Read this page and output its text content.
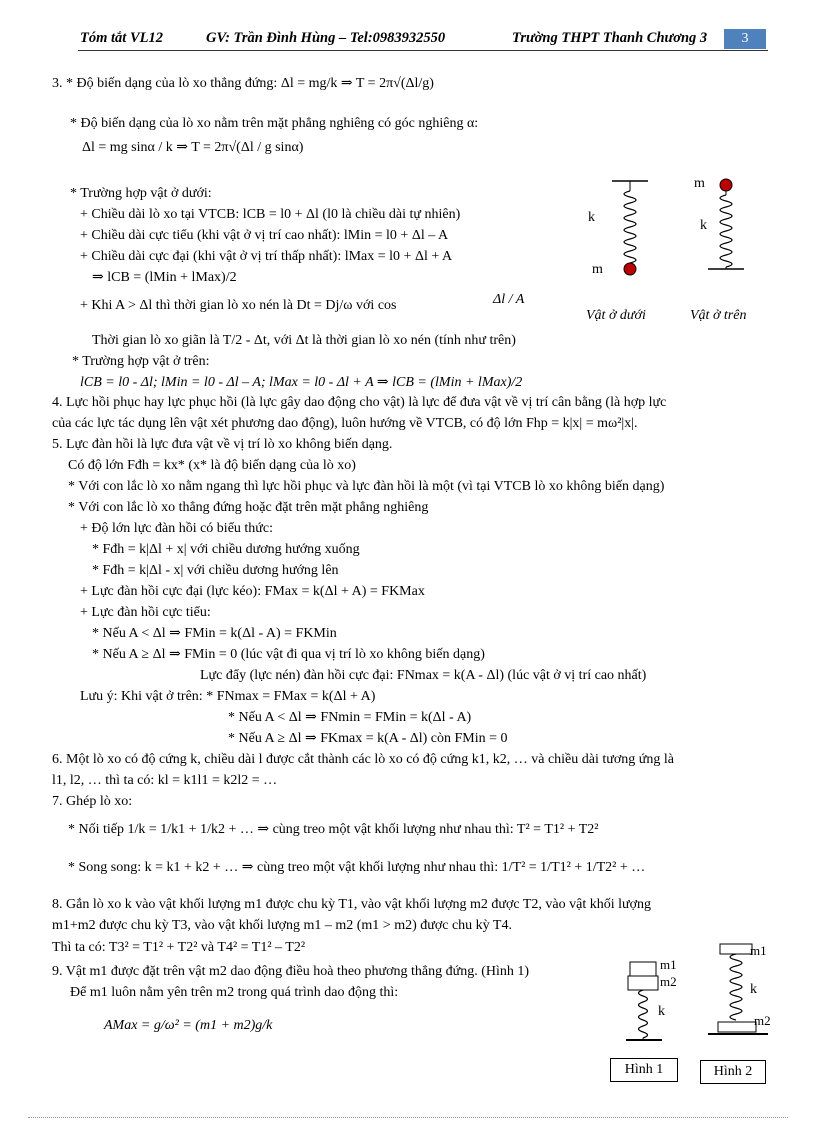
Tóm tắt VL12	GV: Trần Đình Hùng – Tel:0983932550	Trường THPT Thanh Chương 3	3
3. * Độ biến dạng của lò xo thẳng đứng: Δl = mg/k ⇒ T = 2π√(Δl/g)
* Độ biến dạng của lò xo nằm trên mặt phẳng nghiêng có góc nghiêng α:
Δl = mg sinα / k ⇒ T = 2π√(Δl / g sinα)
* Trường hợp vật ở dưới:
+ Chiều dài lò xo tại VTCB: lCB = l0 + Δl (l0 là chiều dài tự nhiên)
+ Chiều dài cực tiểu (khi vật ở vị trí cao nhất): lMin = l0 + Δl – A
+ Chiều dài cực đại (khi vật ở vị trí thấp nhất): lMax = l0 + Δl + A
⇒ lCB = (lMin + lMax)/2
+ Khi A > Δl thì thời gian lò xo nén là Dt = Dj/ω với cos	Δl / A
Thời gian lò xo giãn là T/2 - Δt, với Δt là thời gian lò xo nén (tính như trên)
* Trường hợp vật ở trên:
lCB = l0 - Δl; lMin = l0 - Δl – A; lMax = l0 - Δl + A ⇒ lCB = (lMin + lMax)/2
4. Lực hồi phục hay lực phục hồi (là lực gây dao động cho vật) là lực để đưa vật về vị trí cân bằng (là hợp lực
của các lực tác dụng lên vật xét phương dao động), luôn hướng về VTCB, có độ lớn Fhp = k|x| = mω²|x|.
5. Lực đàn hồi là lực đưa vật về vị trí lò xo không biến dạng.
Có độ lớn Fđh = kx* (x* là độ biến dạng của lò xo)
* Với con lắc lò xo nằm ngang thì lực hồi phục và lực đàn hồi là một (vì tại VTCB lò xo không biến dạng)
* Với con lắc lò xo thẳng đứng hoặc đặt trên mặt phẳng nghiêng
+ Độ lớn lực đàn hồi có biểu thức:
* Fđh = k|Δl + x| với chiều dương hướng xuống
* Fđh = k|Δl - x| với chiều dương hướng lên
+ Lực đàn hồi cực đại (lực kéo): FMax = k(Δl + A) = FKMax
+ Lực đàn hồi cực tiểu:
* Nếu A < Δl ⇒ FMin = k(Δl - A) = FKMin
* Nếu A ≥ Δl ⇒ FMin = 0 (lúc vật đi qua vị trí lò xo không biến dạng)
Lực đẩy (lực nén) đàn hồi cực đại: FNmax = k(A - Δl) (lúc vật ở vị trí cao nhất)
Lưu ý: Khi vật ở trên: * FNmax = FMax = k(Δl + A)
* Nếu A < Δl ⇒ FNmin = FMin = k(Δl - A)
* Nếu A ≥ Δl ⇒ FKmax = k(A - Δl) còn FMin = 0
6. Một lò xo có độ cứng k, chiều dài l được cắt thành các lò xo có độ cứng k1, k2, … và chiều dài tương ứng là
l1, l2, … thì ta có: kl = k1l1 = k2l2 = …
7. Ghép lò xo:
* Nối tiếp 1/k = 1/k1 + 1/k2 + … ⇒ cùng treo một vật khối lượng như nhau thì: T² = T1² + T2²
* Song song: k = k1 + k2 + … ⇒ cùng treo một vật khối lượng như nhau thì: 1/T² = 1/T1² + 1/T2² + …
8. Gắn lò xo k vào vật khối lượng m1 được chu kỳ T1, vào vật khối lượng m2 được T2, vào vật khối lượng
m1+m2 được chu kỳ T3, vào vật khối lượng m1 – m2 (m1 > m2) được chu kỳ T4.
Thì ta có: T3² = T1² + T2² và T4² = T1² – T2²
9. Vật m1 được đặt trên vật m2 dao động điều hoà theo phương thẳng đứng. (Hình 1)
Để m1 luôn nằm yên trên m2 trong quá trình dao động thì:
AMax = g/ω² = (m1 + m2)g/k
k
m
Vật ở dưới
m
k
Vật ở trên
m1
m2
k
Hình 1
m1
k
m2
Hình 2
